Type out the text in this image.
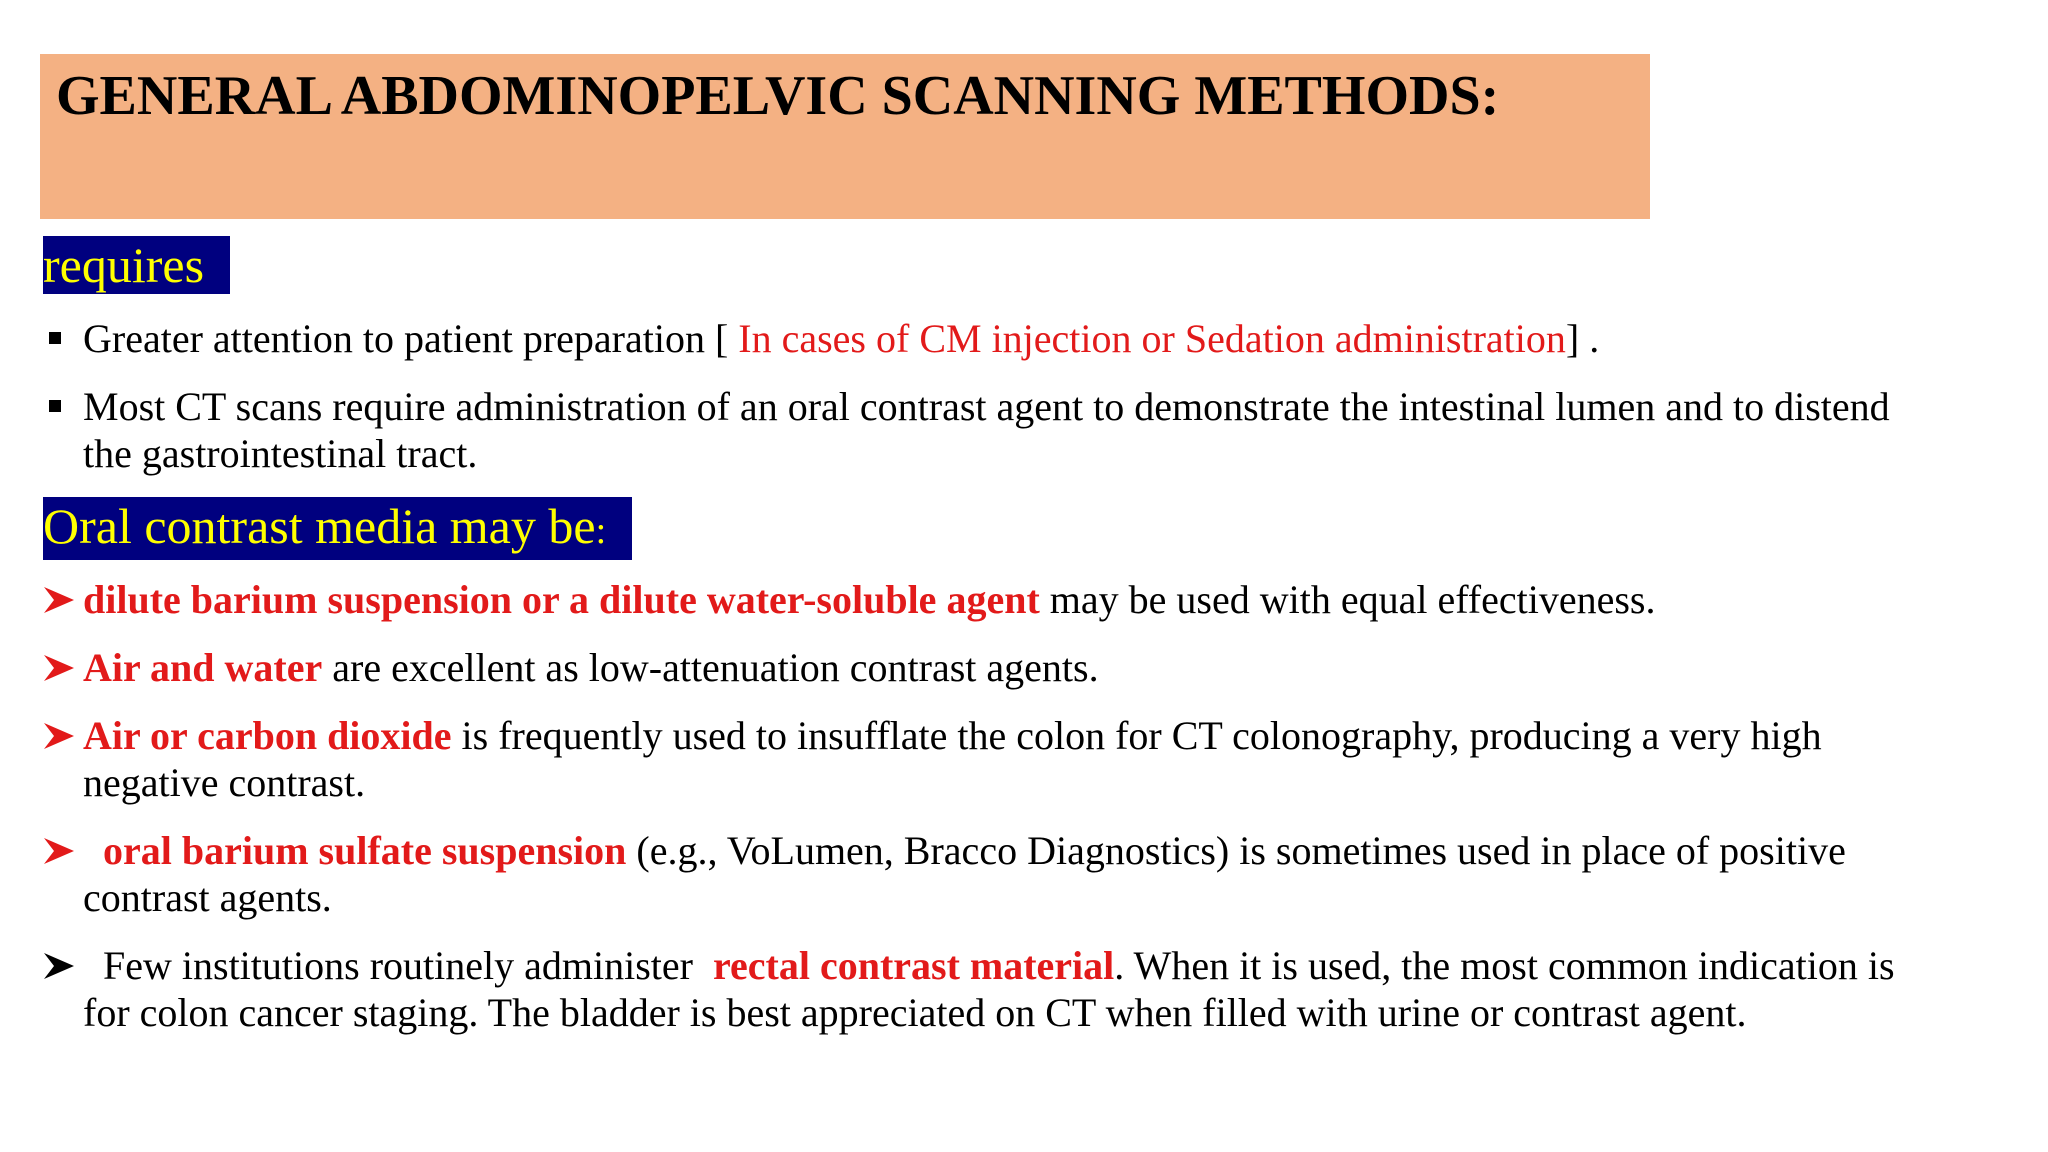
GENERAL ABDOMINOPELVIC SCANNING METHODS:
requires
Greater attention to patient preparation [ In cases of CM injection or Sedation administration] .
Most CT scans require administration of an oral contrast agent to demonstrate the intestinal lumen and to distend the gastrointestinal tract.
Oral contrast media may be:
dilute barium suspension or a dilute water-soluble agent may be used with equal effectiveness.
Air and water are excellent as low-attenuation contrast agents.
Air or carbon dioxide is frequently used to insufflate the colon for CT colonography, producing a very high negative contrast.
oral barium sulfate suspension (e.g., VoLumen, Bracco Diagnostics) is sometimes used in place of positive contrast agents.
Few institutions routinely administer  rectal contrast material. When it is used, the most common indication is for colon cancer staging. The bladder is best appreciated on CT when filled with urine or contrast agent.
